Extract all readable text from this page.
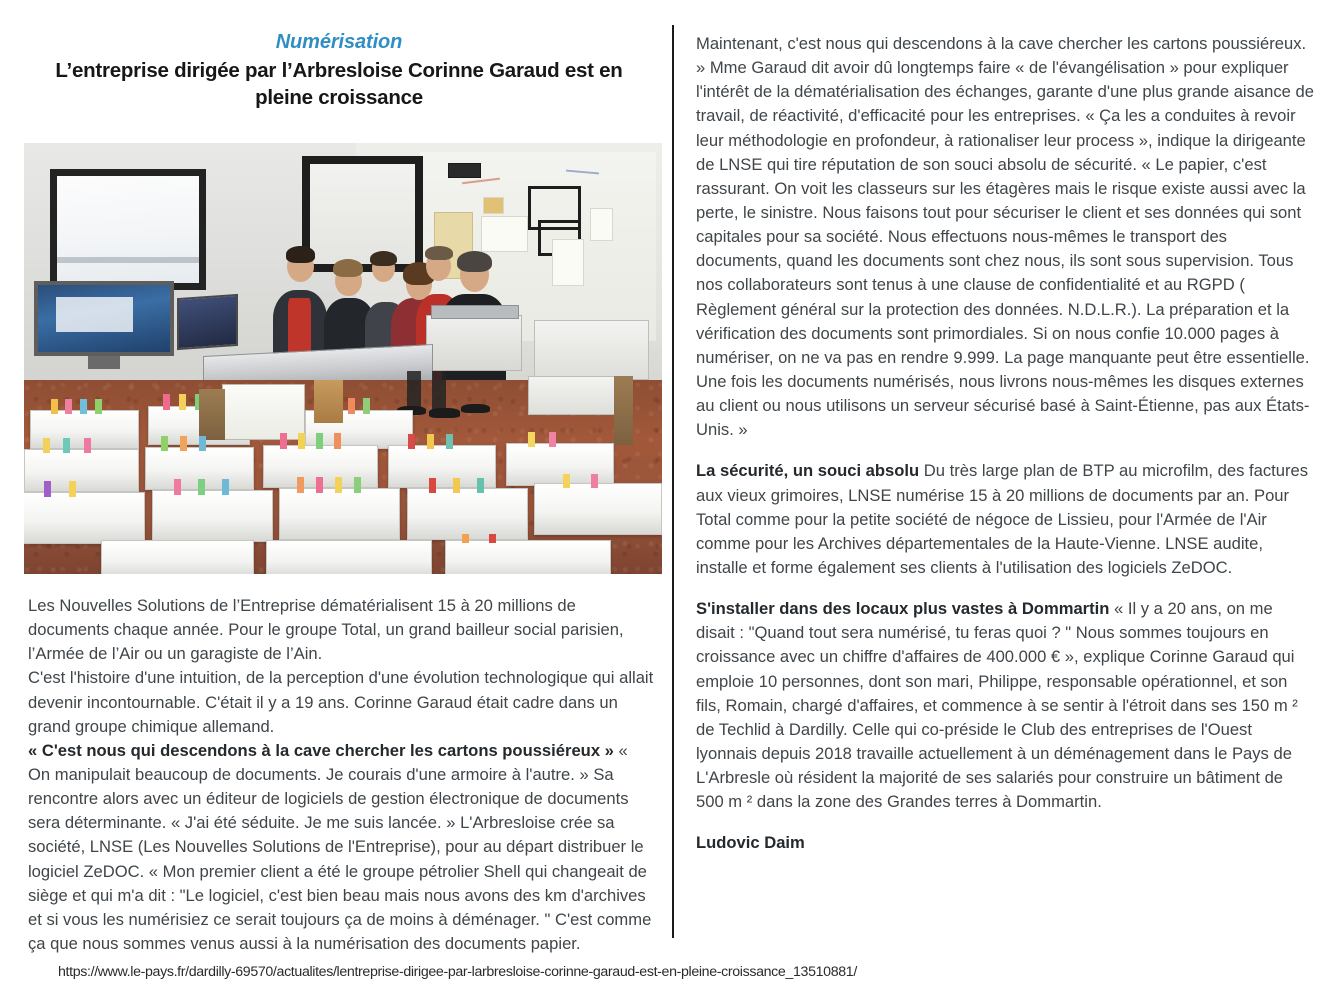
Numérisation
L’entreprise dirigée par l’Arbresloise Corinne Garaud est en pleine croissance

Les Nouvelles Solutions de l’Entreprise dématérialisent 15 à 20 millions de documents chaque année. Pour le groupe Total, un grand bailleur social parisien, l’Armée de l’Air ou un garagiste de l’Ain.

C'est l'histoire d'une intuition, de la perception d'une évolution technologique qui allait devenir incontournable. C'était il y a 19 ans. Corinne Garaud était cadre dans un grand groupe chimique allemand.

« C'est nous qui descendons à la cave chercher les cartons poussiéreux » « On manipulait beaucoup de documents. Je courais d'une armoire à l'autre. » Sa rencontre alors avec un éditeur de logiciels de gestion électronique de documents sera déterminante. « J'ai été séduite. Je me suis lancée. » L'Arbresloise crée sa société, LNSE (Les Nouvelles Solutions de l'Entreprise), pour au départ distribuer le logiciel ZeDOC. « Mon premier client a été le groupe pétrolier Shell qui changeait de siège et qui m'a dit : "Le logiciel, c'est bien beau mais nous avons des km d'archives et si vous les numérisiez ce serait toujours ça de moins à déménager. " C'est comme ça que nous sommes venus aussi à la numérisation des documents papier.

Maintenant, c'est nous qui descendons à la cave chercher les cartons poussiéreux. » Mme Garaud dit avoir dû longtemps faire « de l'évangélisation » pour expliquer l'intérêt de la dématérialisation des échanges, garante d'une plus grande aisance de travail, de réactivité, d'efficacité pour les entreprises. « Ça les a conduites à revoir leur méthodologie en profondeur, à rationaliser leur process », indique la dirigeante de LNSE qui tire réputation de son souci absolu de sécurité. « Le papier, c'est rassurant. On voit les classeurs sur les étagères mais le risque existe aussi avec la perte, le sinistre. Nous faisons tout pour sécuriser le client et ses données qui sont capitales pour sa société. Nous effectuons nous-mêmes le transport des documents, quand les documents sont chez nous, ils sont sous supervision. Tous nos collaborateurs sont tenus à une clause de confidentialité et au RGPD ( Règlement général sur la protection des données. N.D.L.R.). La préparation et la vérification des documents sont primordiales. Si on nous confie 10.000 pages à numériser, on ne va pas en rendre 9.999. La page manquante peut être essentielle. Une fois les documents numérisés, nous livrons nous-mêmes les disques externes au client ou nous utilisons un serveur sécurisé basé à Saint-Étienne, pas aux États-Unis. »

La sécurité, un souci absolu Du très large plan de BTP au microfilm, des factures aux vieux grimoires, LNSE numérise 15 à 20 millions de documents par an. Pour Total comme pour la petite société de négoce de Lissieu, pour l'Armée de l'Air comme pour les Archives départementales de la Haute-Vienne. LNSE audite, installe et forme également ses clients à l'utilisation des logiciels ZeDOC.

S'installer dans des locaux plus vastes à Dommartin « Il y a 20 ans, on me disait : "Quand tout sera numérisé, tu feras quoi ? " Nous sommes toujours en croissance avec un chiffre d'affaires de 400.000 € », explique Corinne Garaud qui emploie 10 personnes, dont son mari, Philippe, responsable opérationnel, et son fils, Romain, chargé d'affaires, et commence à se sentir à l'étroit dans ses 150 m ² de Techlid à Dardilly. Celle qui co-préside le Club des entreprises de l'Ouest lyonnais depuis 2018 travaille actuellement à un déménagement dans le Pays de L'Arbresle où résident la majorité de ses salariés pour construire un bâtiment de 500 m ² dans la zone des Grandes terres à Dommartin.

Ludovic Daim

https://www.le-pays.fr/dardilly-69570/actualites/lentreprise-dirigee-par-larbresloise-corinne-garaud-est-en-pleine-croissance_13510881/
